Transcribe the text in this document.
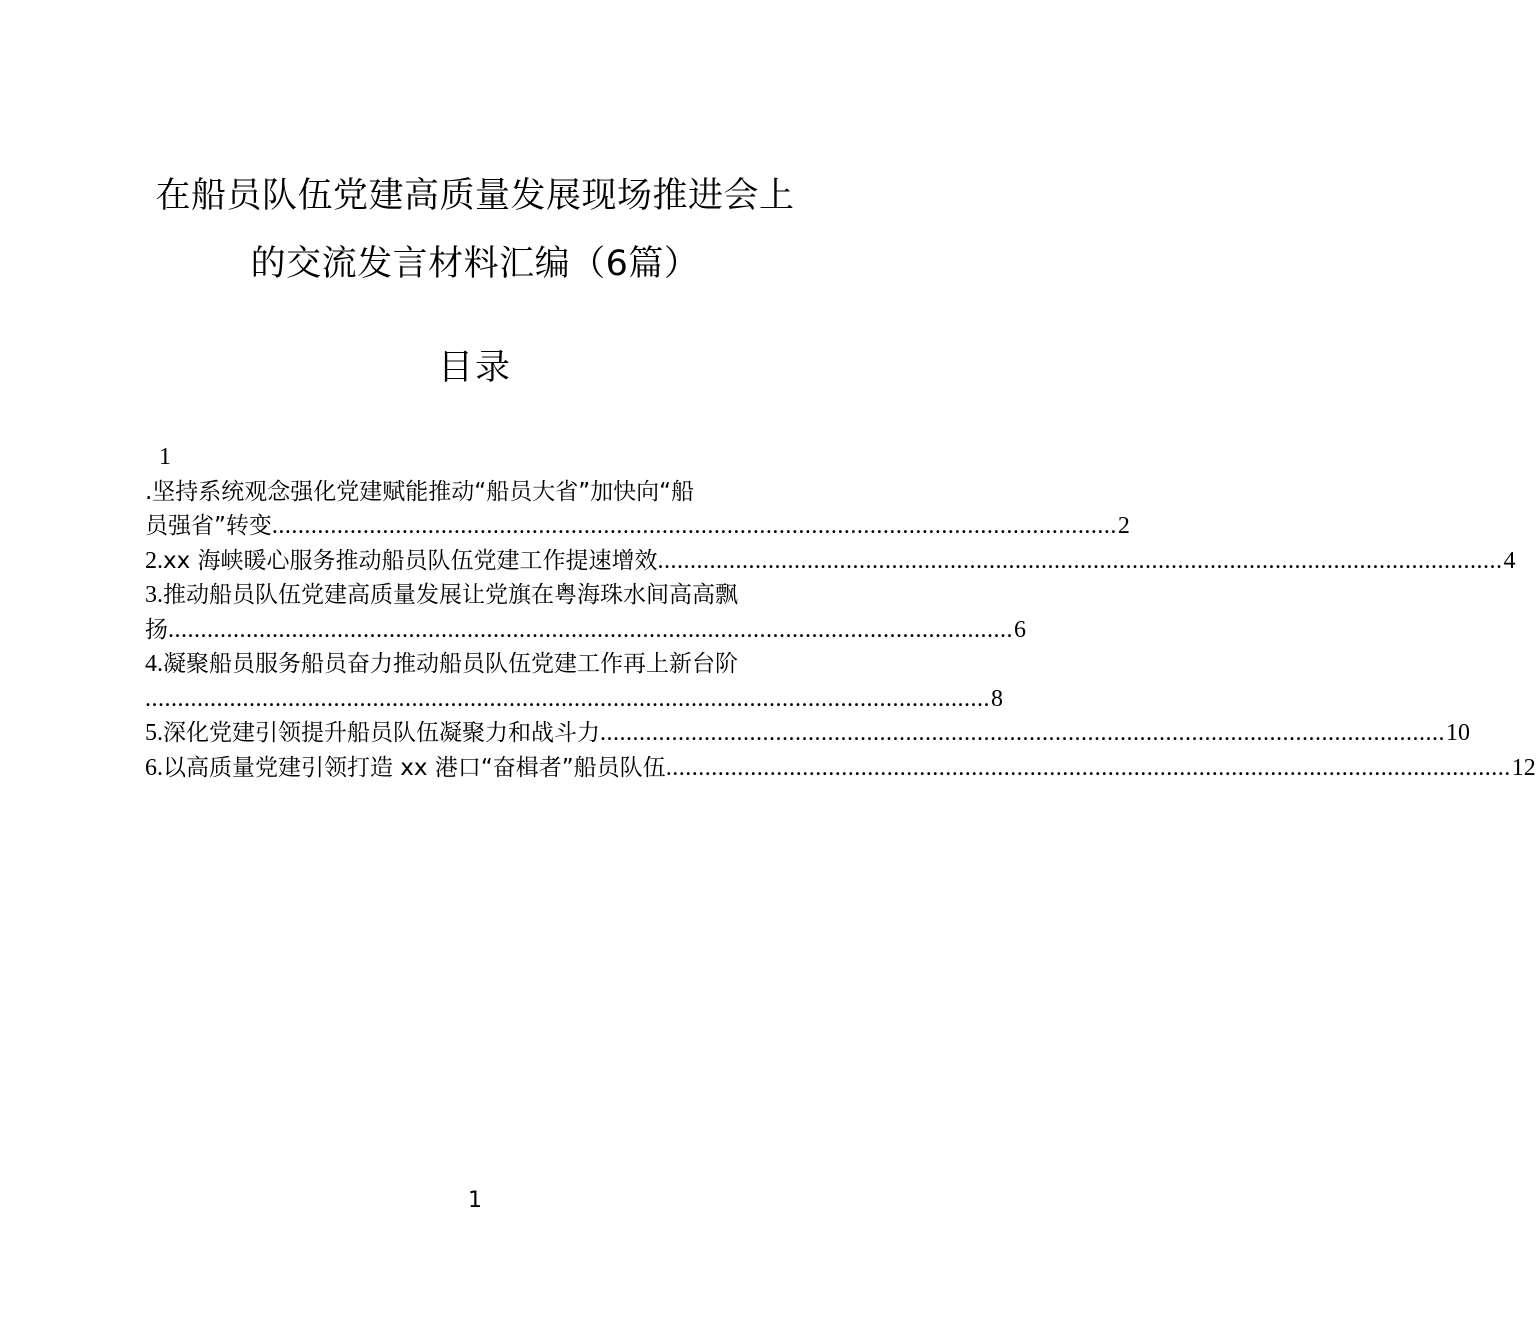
在船员队伍党建高质量发展现场推进会上
的交流发言材料汇编（6篇）
目录
1
.坚持系统观念强化党建赋能推动“船员大省”加快向“船
员强省”转变 .................................................................................................................................. 2
2.xx 海峡暖心服务推动船员队伍党建工作提速增效 .................................................................................................................................. 4
3.推动船员队伍党建高质量发展让党旗在粤海珠水间高高飘
扬 .................................................................................................................................. 6
4.凝聚船员服务船员奋力推动船员队伍党建工作再上新台阶
.................................................................................................................................. 8
5.深化党建引领提升船员队伍凝聚力和战斗力 .................................................................................................................................. 10
6.以高质量党建引领打造 xx 港口“奋楫者”船员队伍 .................................................................................................................................. 12
1
